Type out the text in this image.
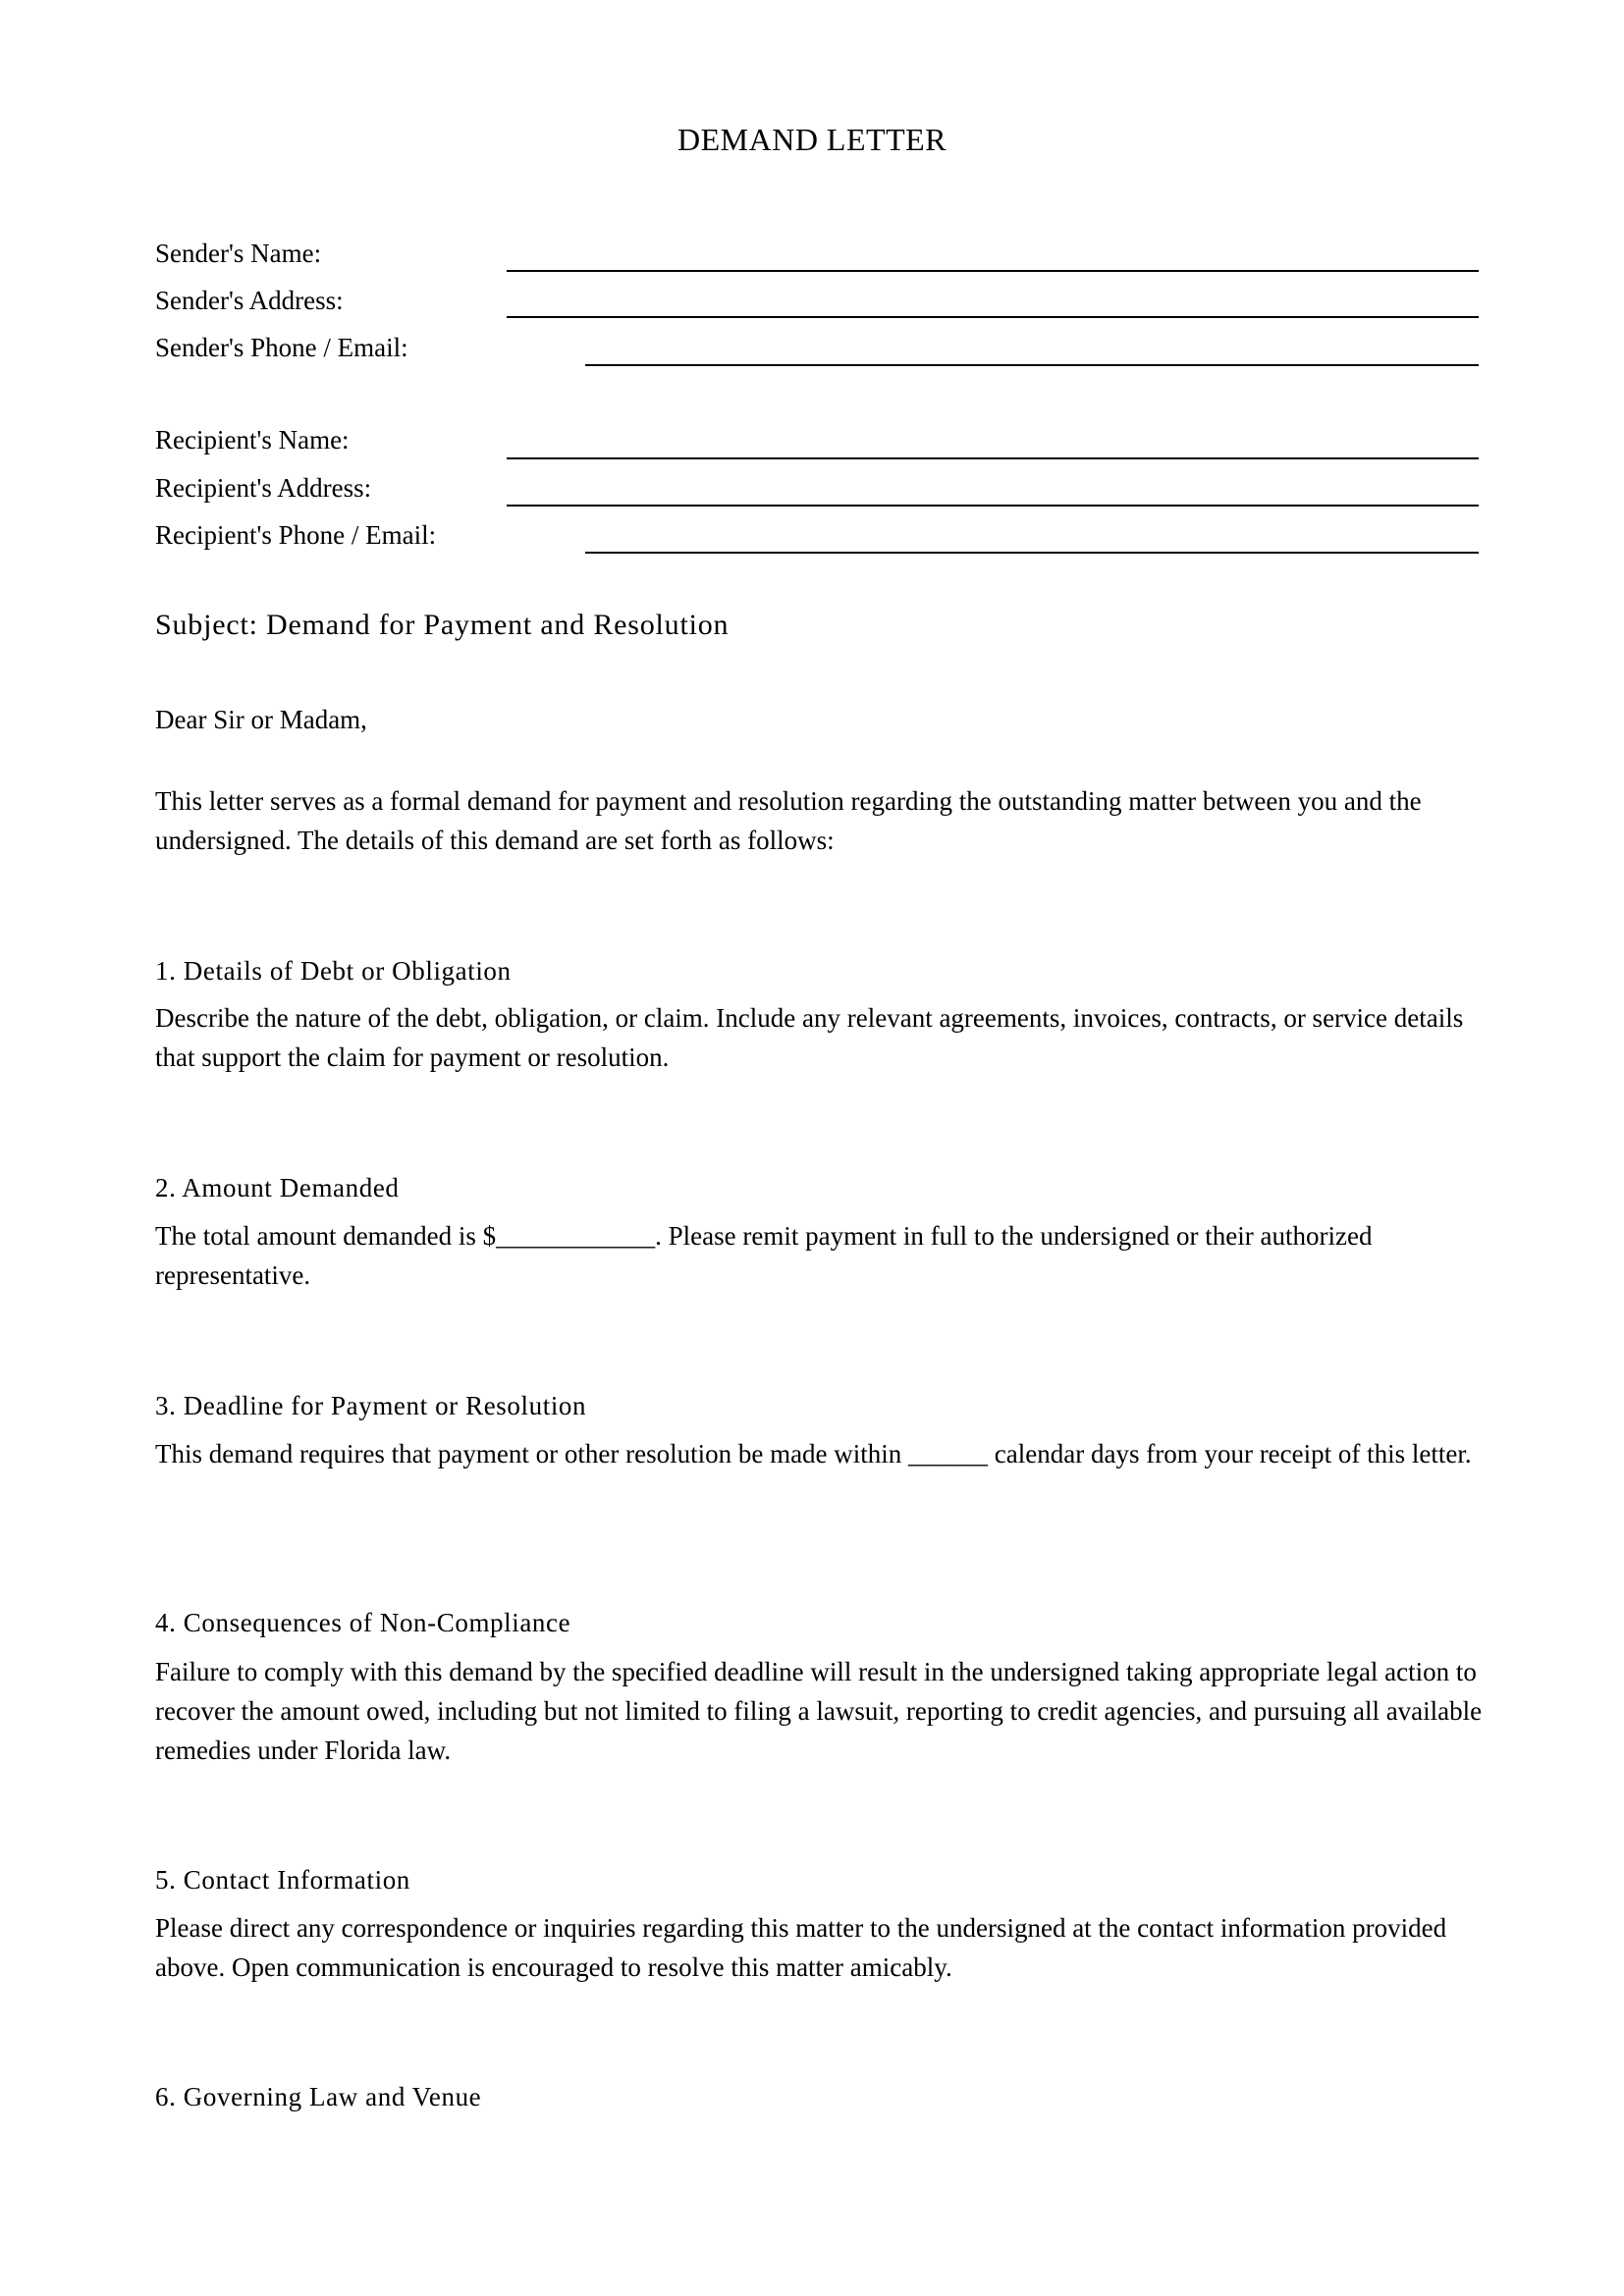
DEMAND LETTER
Sender's Name:
Sender's Address:
Sender's Phone / Email:
Recipient's Name:
Recipient's Address:
Recipient's Phone / Email:
Subject: Demand for Payment and Resolution
Dear Sir or Madam,
This letter serves as a formal demand for payment and resolution regarding the outstanding matter between you and the undersigned. The details of this demand are set forth as follows:
1. Details of Debt or Obligation
Describe the nature of the debt, obligation, or claim. Include any relevant agreements, invoices, contracts, or service details that support the claim for payment or resolution.
2. Amount Demanded
The total amount demanded is $____________. Please remit payment in full to the undersigned or their authorized representative.
3. Deadline for Payment or Resolution
This demand requires that payment or other resolution be made within ______ calendar days from your receipt of this letter.
4. Consequences of Non-Compliance
Failure to comply with this demand by the specified deadline will result in the undersigned taking appropriate legal action to recover the amount owed, including but not limited to filing a lawsuit, reporting to credit agencies, and pursuing all available remedies under Florida law.
5. Contact Information
Please direct any correspondence or inquiries regarding this matter to the undersigned at the contact information provided above. Open communication is encouraged to resolve this matter amicably.
6. Governing Law and Venue
